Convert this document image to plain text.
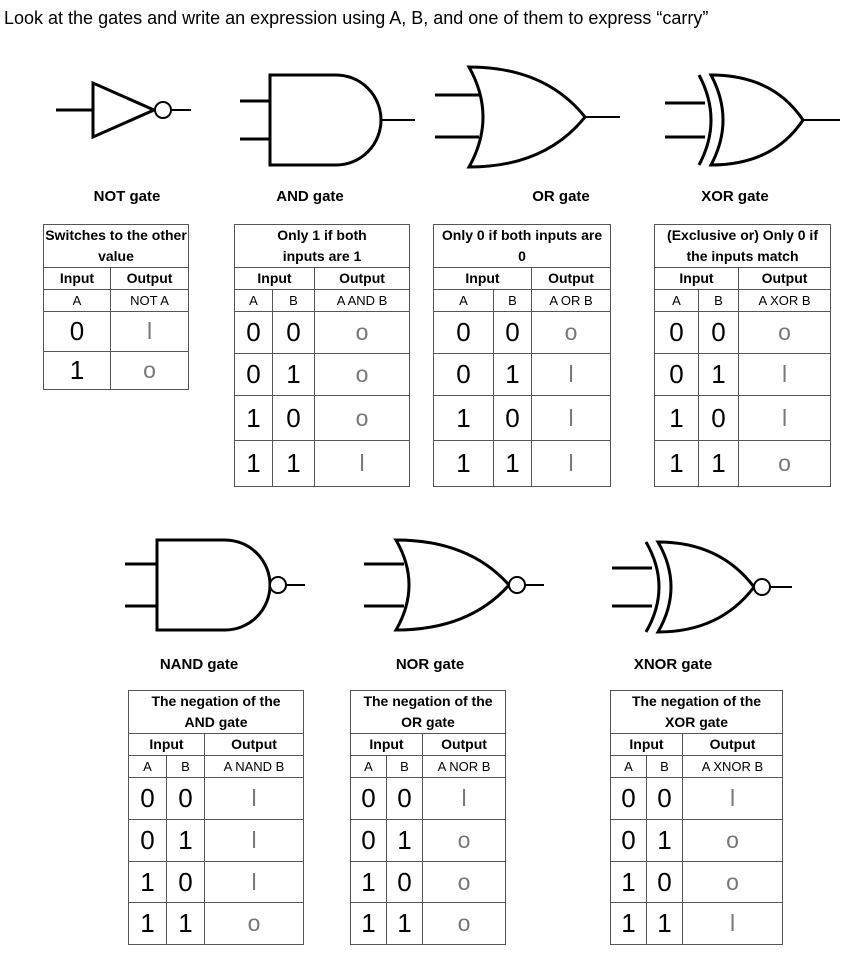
Look at the gates and write an expression using A, B, and one of them to express “carry”
NOT gate	AND gate	OR gate	XOR gate
Switches to the other value	
Input	Output
A	NOT A
0	l
1	o
Only 1 if both inputs are 1		
Input		Output
A	B	A AND B
0	0	o
0	1	o
1	0	o
1	1	l
Only 0 if both inputs are 0		
Input		Output
A	B	A OR B
0	0	o
0	1	l
1	0	l
1	1	l
(Exclusive or) Only 0 if the inputs match		
Input		Output
A	B	A XOR B
0	0	o
0	1	l
1	0	l
1	1	o
NAND gate	NOR gate	XNOR gate
The negation of the AND gate		
Input		Output
A	B	A NAND B
0	0	l
0	1	l
1	0	l
1	1	o
The negation of the OR gate		
Input		Output
A	B	A NOR B
0	0	l
0	1	o
1	0	o
1	1	o
The negation of the XOR gate		
Input		Output
A	B	A XNOR B
0	0	l
0	1	o
1	0	o
1	1	l
